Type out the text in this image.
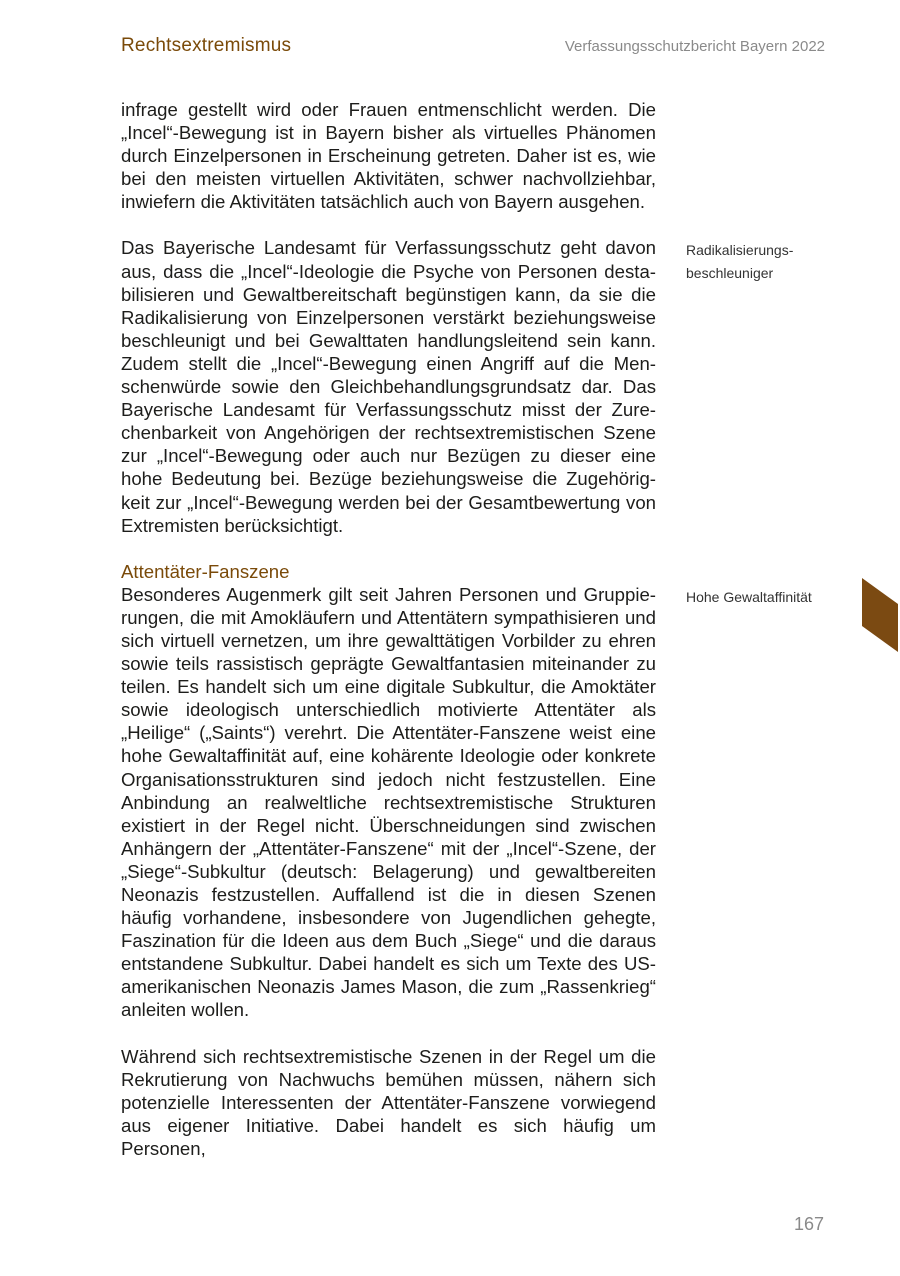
Rechtsextremismus	Verfassungsschutzbericht Bayern 2022

infrage gestellt wird oder Frauen entmenschlicht werden. Die „Incel“-Bewegung ist in Bayern bisher als virtuelles Phänomen durch Einzelpersonen in Erscheinung getreten. Daher ist es, wie bei den meisten virtuellen Aktivitäten, schwer nachvollziehbar, inwiefern die Aktivitäten tatsächlich auch von Bayern ausgehen.

Das Bayerische Landesamt für Verfassungsschutz geht davon aus, dass die „Incel“-Ideologie die Psyche von Personen destabilisieren und Gewaltbereitschaft begünstigen kann, da sie die Radikalisierung von Einzelpersonen verstärkt beziehungsweise beschleunigt und bei Gewalttaten handlungsleitend sein kann. Zudem stellt die „Incel“-Bewegung einen Angriff auf die Menschenwürde sowie den Gleichbehandlungsgrundsatz dar. Das Bayerische Landesamt für Verfassungsschutz misst der Zurechenbarkeit von Angehörigen der rechtsextremistischen Szene zur „Incel“-Bewegung oder auch nur Bezügen zu dieser eine hohe Bedeutung bei. Bezüge beziehungsweise die Zugehörigkeit zur „Incel“-Bewegung werden bei der Gesamtbewertung von Extremisten berücksichtigt.

Attentäter-Fanszene

Besonderes Augenmerk gilt seit Jahren Personen und Gruppierungen, die mit Amokläufern und Attentätern sympathisieren und sich virtuell vernetzen, um ihre gewalttätigen Vorbilder zu ehren sowie teils rassistisch geprägte Gewaltfantasien miteinander zu teilen. Es handelt sich um eine digitale Subkultur, die Amoktäter sowie ideologisch unterschiedlich motivierte Attentäter als „Heilige“ („Saints“) verehrt. Die Attentäter-Fanszene weist eine hohe Gewaltaffinität auf, eine kohärente Ideologie oder konkrete Organisationsstrukturen sind jedoch nicht festzustellen. Eine Anbindung an realweltliche rechtsextremistische Strukturen existiert in der Regel nicht. Überschneidungen sind zwischen Anhängern der „Attentäter-Fanszene“ mit der „Incel“-Szene, der „Siege“-Subkultur (deutsch: Belagerung) und gewaltbereiten Neonazis festzustellen. Auffallend ist die in diesen Szenen häufig vorhandene, insbesondere von Jugendlichen gehegte, Faszination für die Ideen aus dem Buch „Siege“ und die daraus entstandene Subkultur. Dabei handelt es sich um Texte des US-amerikanischen Neonazis James Mason, die zum „Rassenkrieg“ anleiten wollen.

Während sich rechtsextremistische Szenen in der Regel um die Rekrutierung von Nachwuchs bemühen müssen, nähern sich potenzielle Interessenten der Attentäter-Fanszene vorwiegend aus eigener Initiative. Dabei handelt es sich häufig um Personen,

Radikalisierungs-
beschleuniger
Hohe Gewaltaffinität
167
